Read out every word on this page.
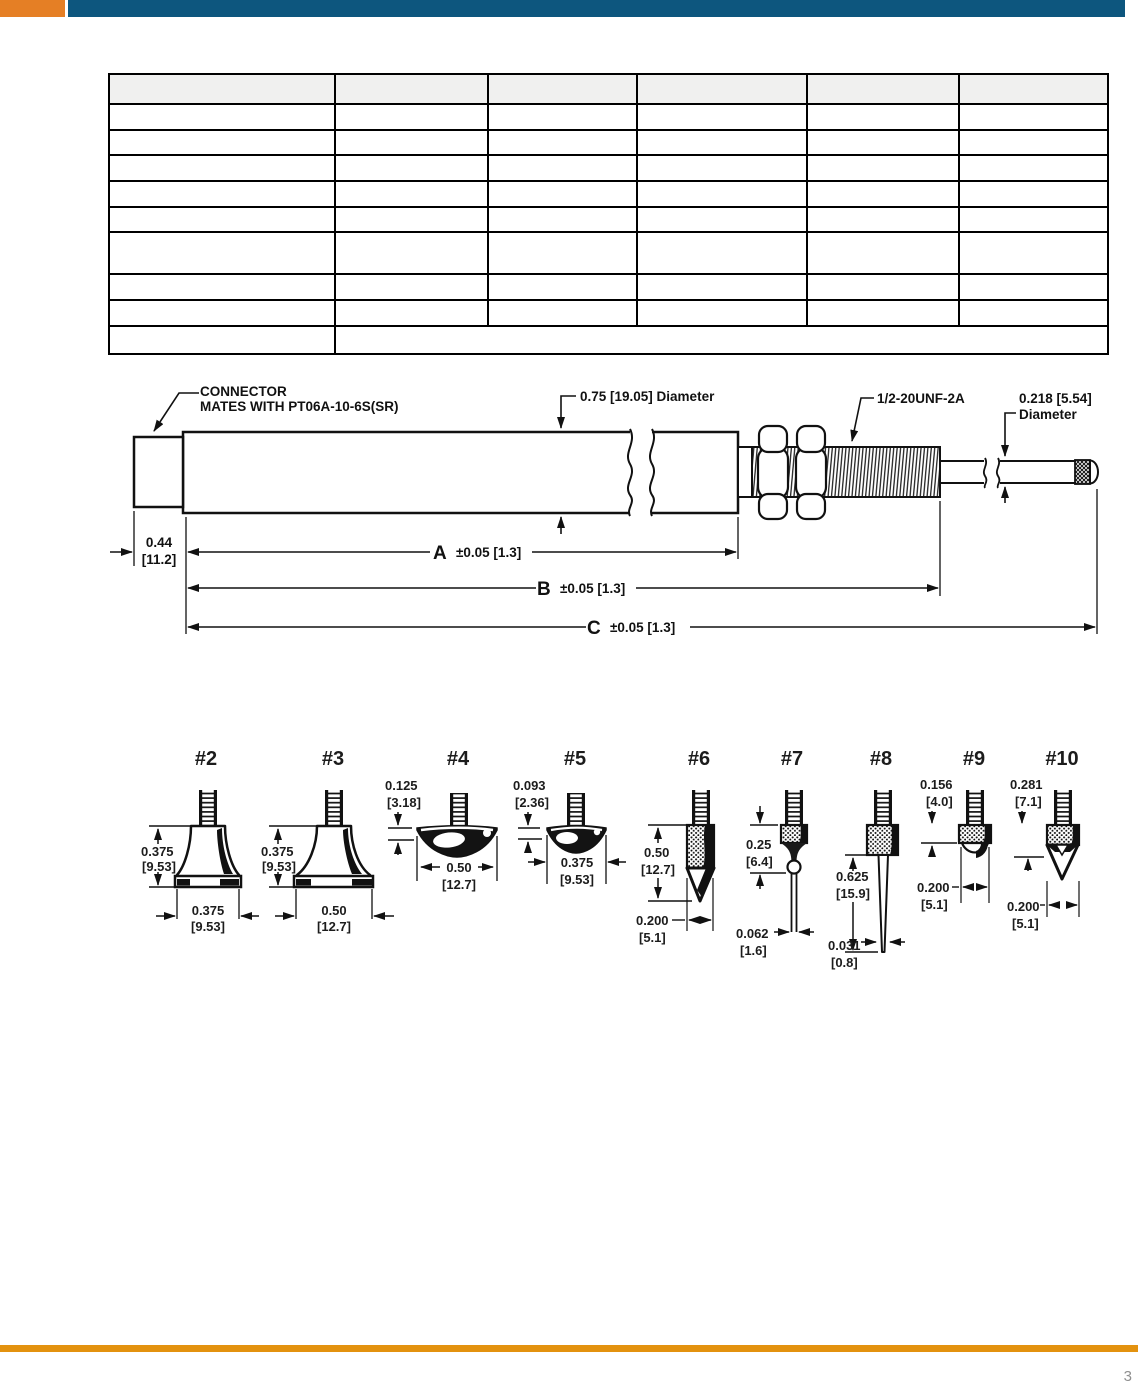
CONNECTOR
MATES WITH PT06A-10-6S(SR)
0.75 [19.05] Diameter	1/2-20UNF-2A	0.218 [5.54]
Diameter
0.44
[11.2]	A ±0.05 [1.3]
B ±0.05 [1.3]
C ±0.05 [1.3]
#2
0.375
[9.53]
0.375
[9.53]
#3
0.375
[9.53]
0.50
[12.7]
#4
0.125
[3.18]
0.50
[12.7]
#5
0.093
[2.36]
0.375
[9.53]
#6
0.50
[12.7]
0.200
[5.1]
#7
0.25
[6.4]
0.062
[1.6]
#8
0.625
[15.9]
0.031
[0.8]
#9
0.156
[4.0]
0.200
[5.1]
#10
0.281
[7.1]
0.200
[5.1]
3
